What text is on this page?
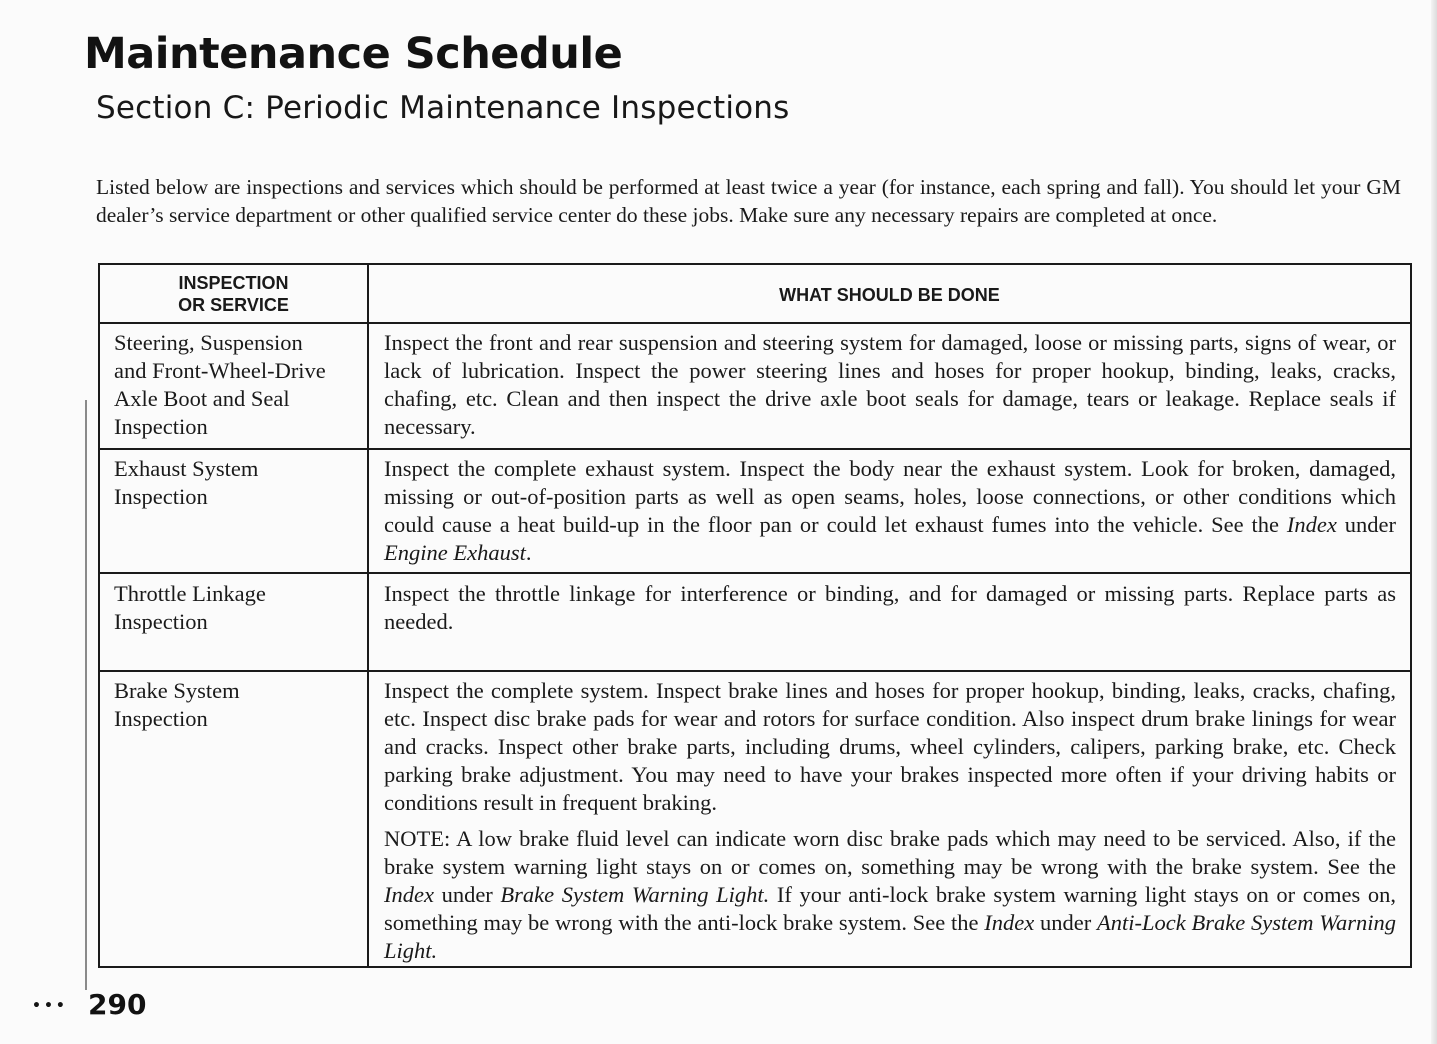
Maintenance Schedule
Section C: Periodic Maintenance Inspections

Listed below are inspections and services which should be performed at least twice a year (for instance, each spring and fall). You should let your GM dealer’s service department or other qualified service center do these jobs. Make sure any necessary repairs are completed at once.

INSPECTION
OR SERVICE	WHAT SHOULD BE DONE
Steering, Suspension
and Front-Wheel-Drive
Axle Boot and Seal
Inspection

Inspect the front and rear suspension and steering system for damaged, loose or missing parts, signs of wear, or lack of lubrication. Inspect the power steering lines and hoses for proper hookup, binding, leaks, cracks, chafing, etc. Clean and then inspect the drive axle boot seals for damage, tears or leakage. Replace seals if necessary.

Exhaust System
Inspection

Inspect the complete exhaust system. Inspect the body near the exhaust system. Look for broken, damaged, missing or out-of-position parts as well as open seams, holes, loose connections, or other conditions which could cause a heat build-up in the floor pan or could let exhaust fumes into the vehicle. See the Index under Engine Exhaust.

Throttle Linkage
Inspection

Inspect the throttle linkage for interference or binding, and for damaged or missing parts. Replace parts as needed.

Brake System
Inspection

Inspect the complete system. Inspect brake lines and hoses for proper hookup, binding, leaks, cracks, chafing, etc. Inspect disc brake pads for wear and rotors for surface condition. Also inspect drum brake linings for wear and cracks. Inspect other brake parts, including drums, wheel cylinders, calipers, parking brake, etc. Check parking brake adjustment. You may need to have your brakes inspected more often if your driving habits or conditions result in frequent braking.

NOTE: A low brake fluid level can indicate worn disc brake pads which may need to be serviced. Also, if the brake system warning light stays on or comes on, something may be wrong with the brake system. See the Index under Brake System Warning Light. If your anti-lock brake system warning light stays on or comes on, something may be wrong with the anti-lock brake system. See the Index under Anti-Lock Brake System Warning Light.

••• 290
